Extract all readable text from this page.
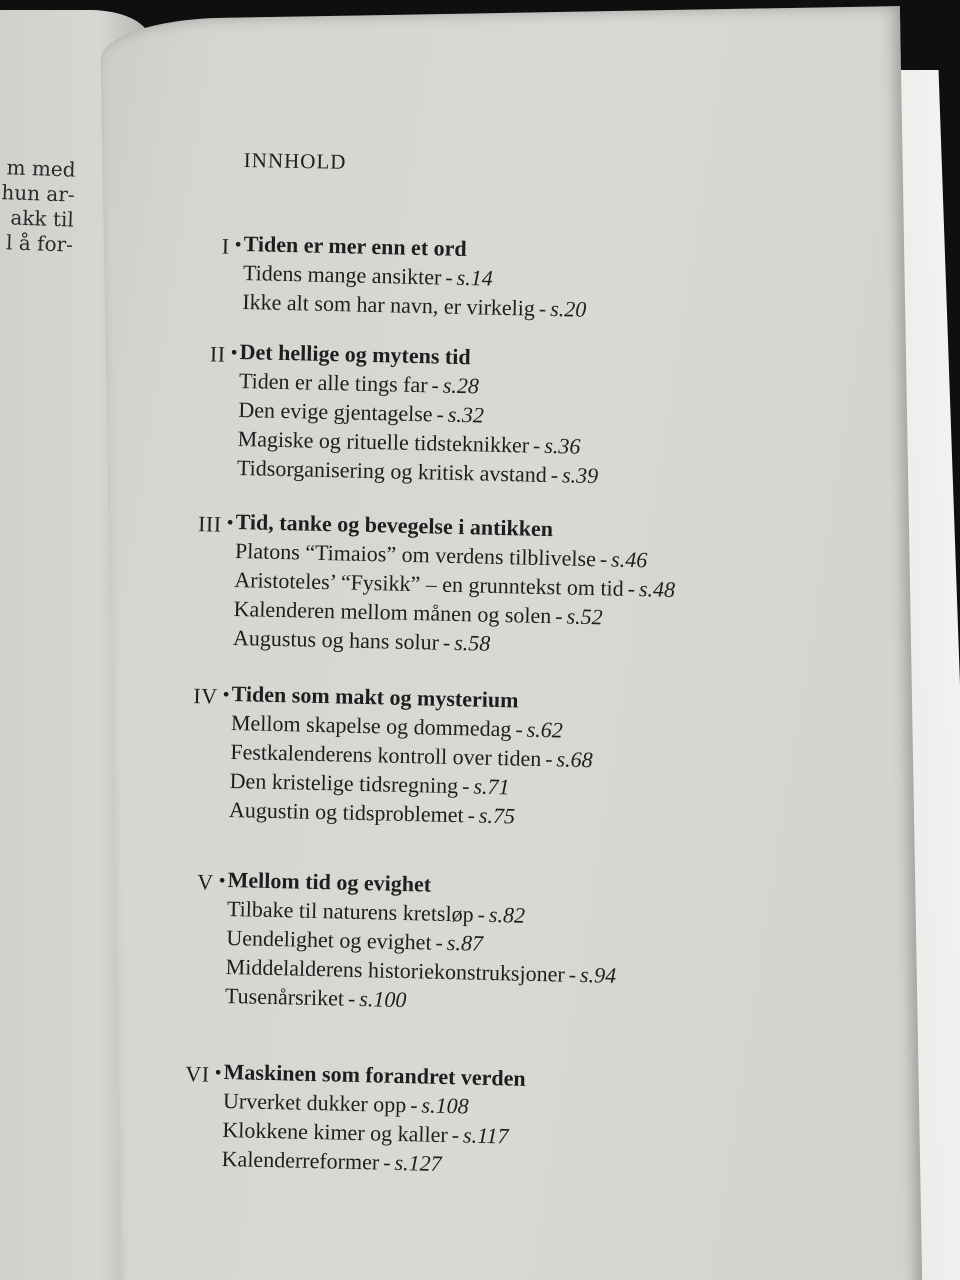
m med
hun ar-
akk til
l å for-
INNHOLD
I • Tiden er mer enn et ord
Tidens mange ansikter - s.14
Ikke alt som har navn, er virkelig - s.20
II • Det hellige og mytens tid
Tiden er alle tings far - s.28
Den evige gjentagelse - s.32
Magiske og rituelle tidsteknikker - s.36
Tidsorganisering og kritisk avstand - s.39
III • Tid, tanke og bevegelse i antikken
Platons “Timaios” om verdens tilblivelse - s.46
Aristoteles’ “Fysikk” – en grunntekst om tid - s.48
Kalenderen mellom månen og solen - s.52
Augustus og hans solur - s.58
IV • Tiden som makt og mysterium
Mellom skapelse og dommedag - s.62
Festkalenderens kontroll over tiden - s.68
Den kristelige tidsregning - s.71
Augustin og tidsproblemet - s.75
V • Mellom tid og evighet
Tilbake til naturens kretsløp - s.82
Uendelighet og evighet - s.87
Middelalderens historiekonstruksjoner - s.94
Tusenårsriket - s.100
VI • Maskinen som forandret verden
Urverket dukker opp - s.108
Klokkene kimer og kaller - s.117
Kalenderreformer - s.127
